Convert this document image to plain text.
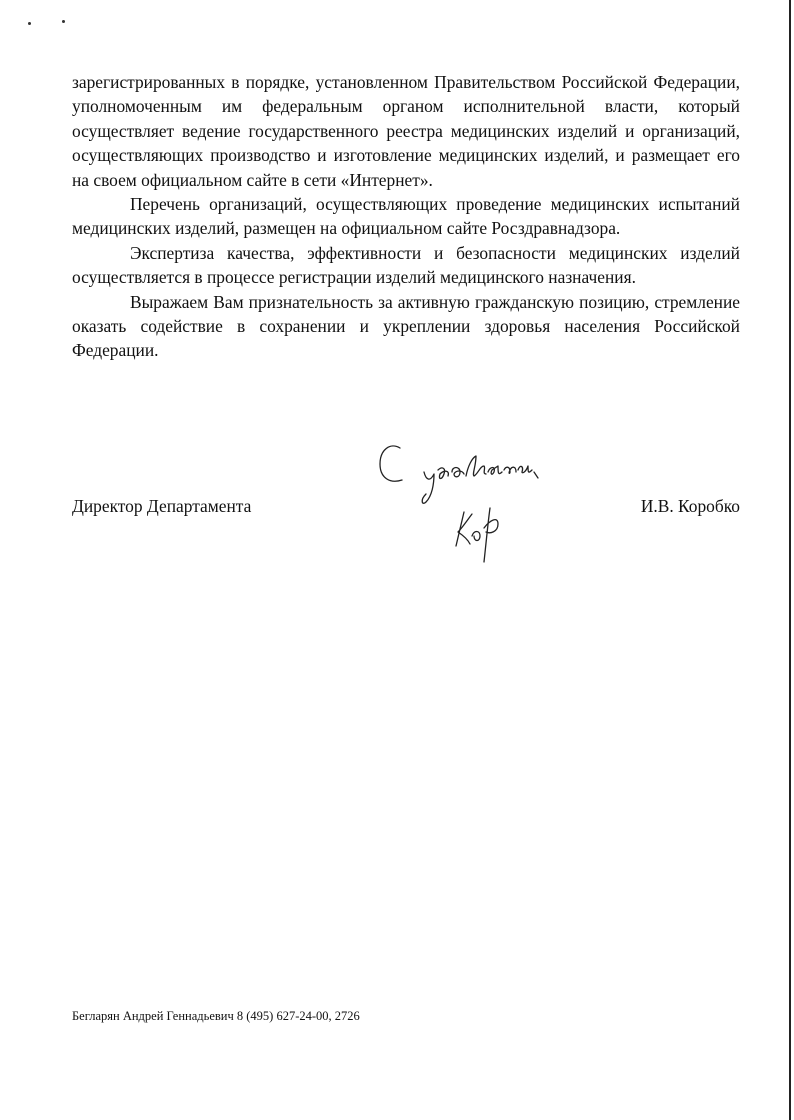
зарегистрированных в порядке, установленном Правительством Российской Федерации, уполномоченным им федеральным органом исполнительной власти, который осуществляет ведение государственного реестра медицинских изделий и организаций, осуществляющих производство и изготовление медицинских изделий, и размещает его на своем официальном сайте в сети «Интернет».

Перечень организаций, осуществляющих проведение медицинских испытаний медицинских изделий, размещен на официальном сайте Росздравнадзора.

Экспертиза качества, эффективности и безопасности медицинских изделий осуществляется в процессе регистрации изделий медицинского назначения.

Выражаем Вам признательность за активную гражданскую позицию, стремление оказать содействие в сохранении и укреплении здоровья населения Российской Федерации.

Директор Департамента	И.В. Коробко
Бегларян Андрей Геннадьевич 8 (495) 627-24-00, 2726
